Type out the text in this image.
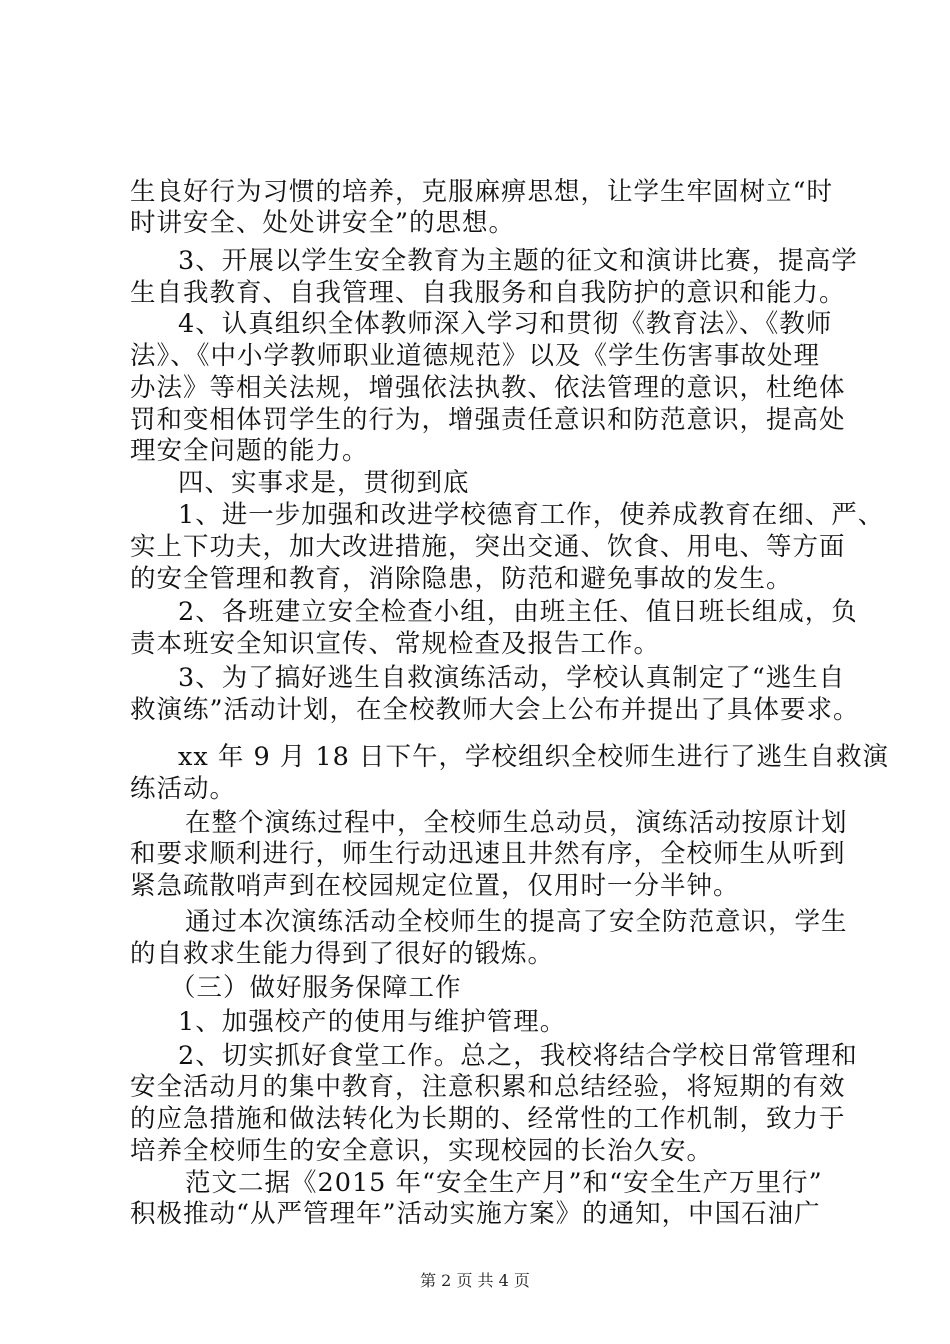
生良好行为习惯的培养，克服麻痹思想，让学生牢固树立“时
时讲安全、处处讲安全”的思想。
3、开展以学生安全教育为主题的征文和演讲比赛，提高学
生自我教育、自我管理、自我服务和自我防护的意识和能力。
4、认真组织全体教师深入学习和贯彻《教育法》、《教师
法》、《中小学教师职业道德规范》以及《学生伤害事故处理
办法》等相关法规，增强依法执教、依法管理的意识，杜绝体
罚和变相体罚学生的行为，增强责任意识和防范意识，提高处
理安全问题的能力。
四、实事求是，贯彻到底
1、进一步加强和改进学校德育工作，使养成教育在细、严、
实上下功夫，加大改进措施，突出交通、饮食、用电、等方面
的安全管理和教育，消除隐患，防范和避免事故的发生。
2、各班建立安全检查小组，由班主任、值日班长组成，负
责本班安全知识宣传、常规检查及报告工作。
3、为了搞好逃生自救演练活动，学校认真制定了“逃生自
救演练”活动计划，在全校教师大会上公布并提出了具体要求。
xx 年 9 月 18 日下午，学校组织全校师生进行了逃生自救演
练活动。
在整个演练过程中，全校师生总动员，演练活动按原计划
和要求顺利进行，师生行动迅速且井然有序，全校师生从听到
紧急疏散哨声到在校园规定位置，仅用时一分半钟。
通过本次演练活动全校师生的提高了安全防范意识，学生
的自救求生能力得到了很好的锻炼。
（三）做好服务保障工作
1、加强校产的使用与维护管理。
2、切实抓好食堂工作。总之，我校将结合学校日常管理和
安全活动月的集中教育，注意积累和总结经验，将短期的有效
的应急措施和做法转化为长期的、经常性的工作机制，致力于
培养全校师生的安全意识，实现校园的长治久安。
范文二据《2015 年“安全生产月”和“安全生产万里行”
积极推动“从严管理年”活动实施方案》的通知，中国石油广
第 2 页 共 4 页
